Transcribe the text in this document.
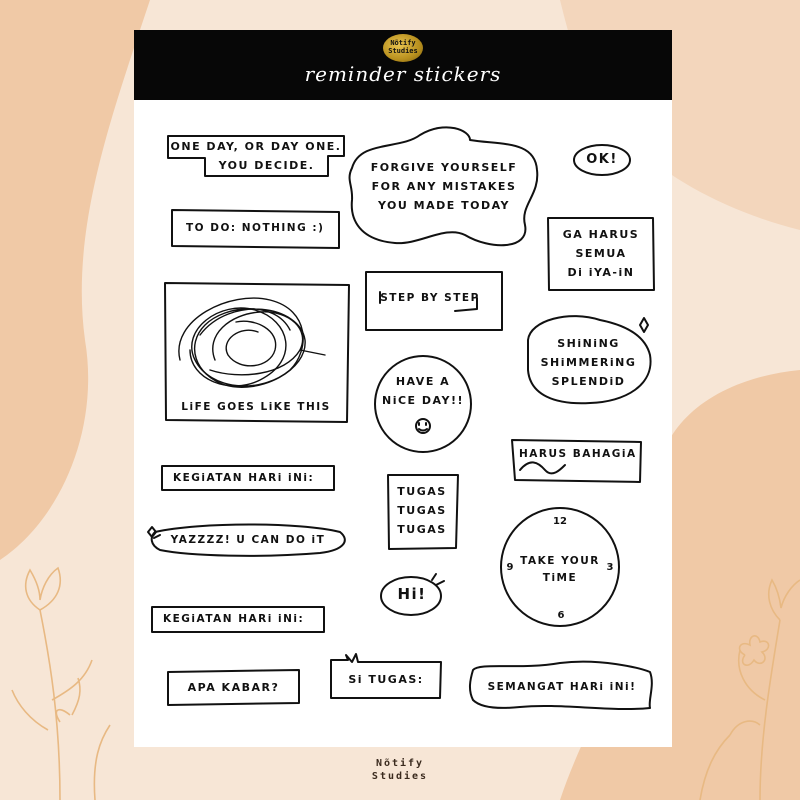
Nõtify
Studies
reminder stickers
ONE DAY, OR DAY ONE.
YOU DECIDE.	FORGIVE YOURSELF
FOR ANY MISTAKES
YOU MADE TODAY
OK!
TO DO: NOTHING :)	GA HARUS
SEMUA
Di iYA-iN
STEP BY STEP
LiFE GOES LiKE THIS
SHiNiNG
SHiMMERiNG
SPLENDiD
HAVE A
NiCE DAY!!
HARUS BAHAGiA
KEGiATAN HARi iNi:
TUGAS
TUGAS
TUGAS
YAZZZZ! U CAN DO iT
TAKE YOUR
TiME
12
9	3
6
Hi!
KEGiATAN HARi iNi:
APA KABAR?
Si TUGAS:
SEMANGAT HARi iNi!
Nõtify
Studies
